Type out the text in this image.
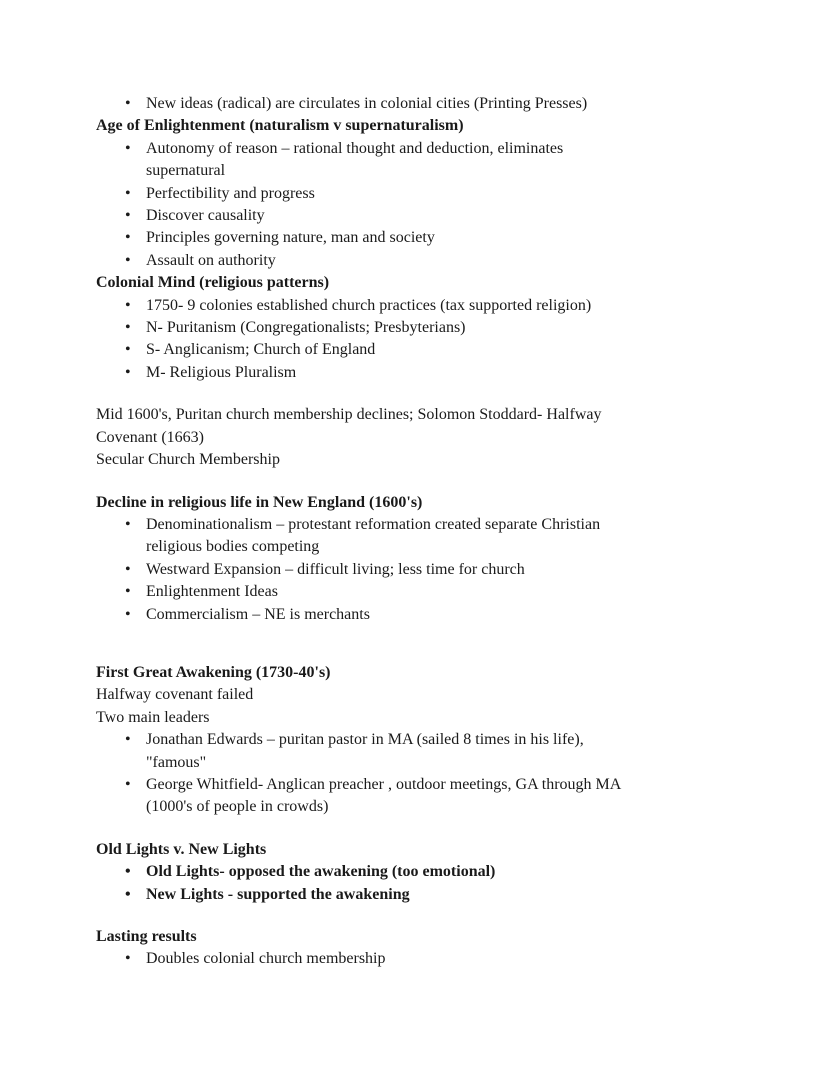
• New ideas (radical) are circulates in colonial cities (Printing Presses)
Age of Enlightenment (naturalism v supernaturalism)
• Autonomy of reason – rational thought and deduction, eliminates
supernatural
• Perfectibility and progress
• Discover causality
• Principles governing nature, man and society
• Assault on authority
Colonial Mind (religious patterns)
• 1750- 9 colonies established church practices (tax supported religion)
• N- Puritanism (Congregationalists; Presbyterians)
• S- Anglicanism; Church of England
• M- Religious Pluralism
Mid 1600's, Puritan church membership declines; Solomon Stoddard- Halfway
Covenant (1663)
Secular Church Membership
Decline in religious life in New England (1600's)
• Denominationalism – protestant reformation created separate Christian
religious bodies competing
• Westward Expansion – difficult living; less time for church
• Enlightenment Ideas
• Commercialism – NE is merchants
First Great Awakening (1730-40's)
Halfway covenant failed
Two main leaders
• Jonathan Edwards – puritan pastor in MA (sailed 8 times in his life),
"famous"
• George Whitfield- Anglican preacher , outdoor meetings, GA through MA
(1000's of people in crowds)
Old Lights v. New Lights
• Old Lights- opposed the awakening (too emotional)
• New Lights - supported the awakening
Lasting results
• Doubles colonial church membership
